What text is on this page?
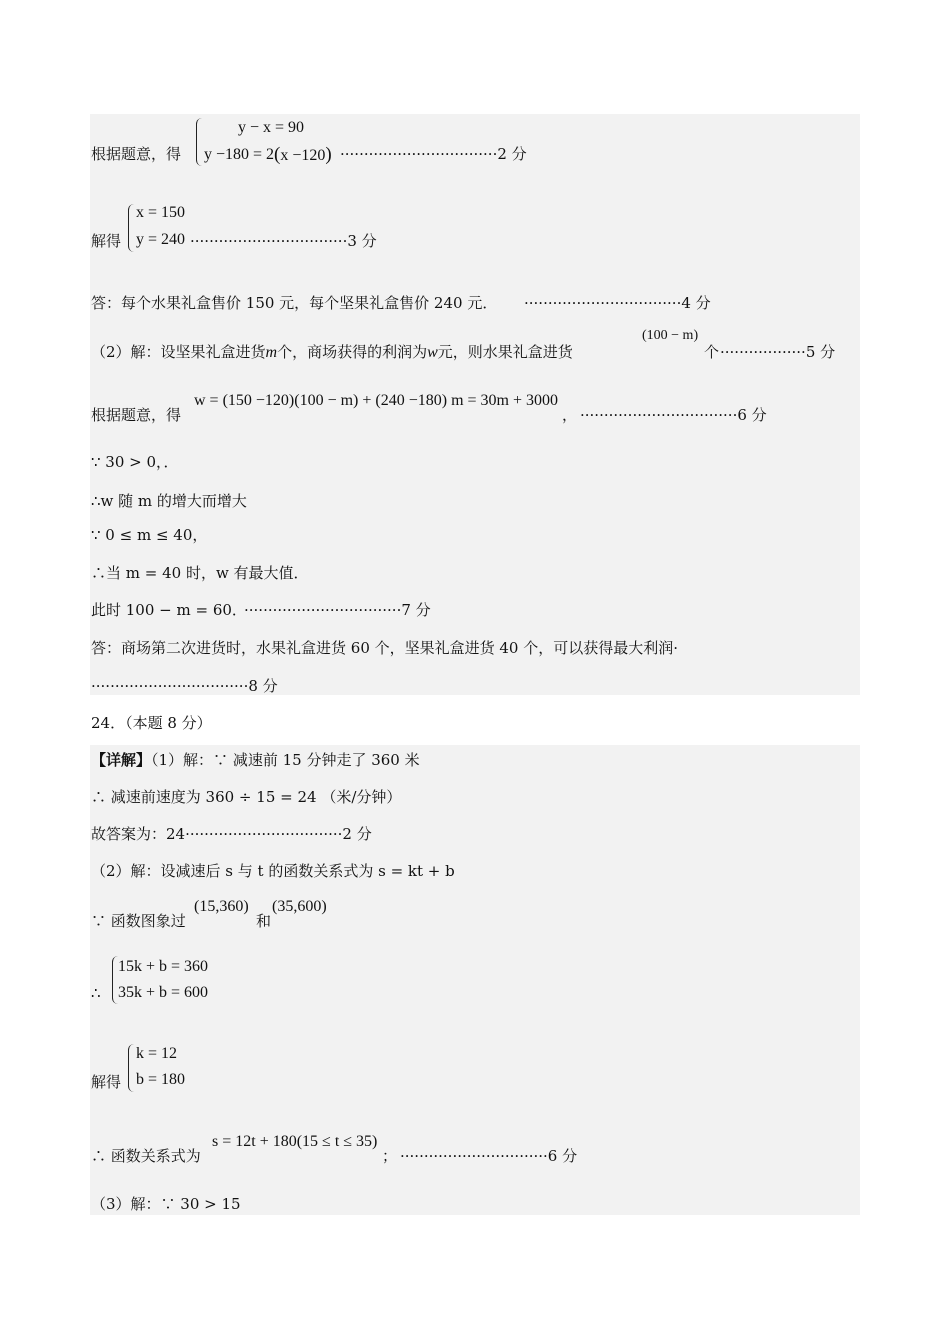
根据题意，得
y − x = 90
y −180 = 2 (x −120) ·································2 分
解得
x = 150
y = 240 ·································3 分
答：每个水果礼盒售价 150 元，每个坚果礼盒售价 240 元． ·································4 分
（2）解：设坚果礼盒进货m个，商场获得的利润为w元，则水果礼盒进货
(100 − m)
个 ··················5 分
根据题意，得
w = (150 −120)(100 − m) + (240 −180) m = 30m + 3000
， ·································6 分
∵ 30 > 0，．
∴w 随 m 的增大而增大
∵ 0 ≤ m ≤ 40，
∴当 m = 40 时，w 有最大值．
此时 100 − m = 60．
·································7 分
答：商场第二次进货时，水果礼盒进货 60 个，坚果礼盒进货 40 个，可以获得最大利润·
·································8 分
24．（本题 8 分）
【详解】（1）解：∵ 减速前 15 分钟走了 360 米
∴ 减速前速度为 360 ÷ 15 = 24 （米/分钟）
故答案为：24·································2 分
（2）解：设减速后 s 与 t 的函数关系式为 s = kt + b
∵ 函数图象过
(15,360)
和
(35,600)
∴
15k + b = 360
35k + b = 600
解得
k = 12
b = 180
∴ 函数关系式为
s = 12t + 180(15 ≤ t ≤ 35)
； ·······························6 分
（3）解：∵ 30 > 15
